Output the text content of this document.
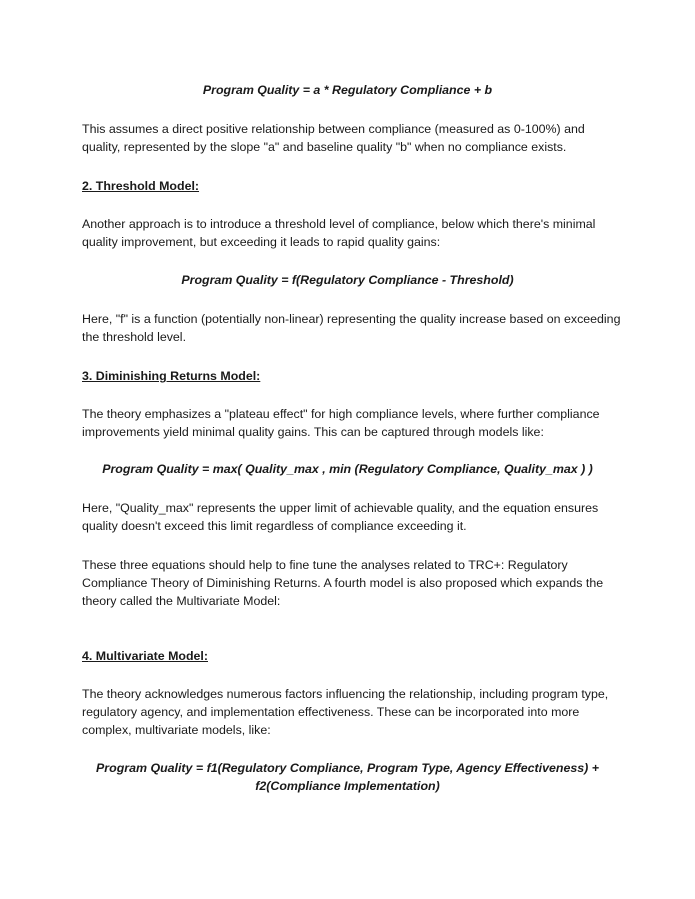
Program Quality = a * Regulatory Compliance + b
This assumes a direct positive relationship between compliance (measured as 0-100%) and quality, represented by the slope "a" and baseline quality "b" when no compliance exists.
2. Threshold Model:
Another approach is to introduce a threshold level of compliance, below which there's minimal quality improvement, but exceeding it leads to rapid quality gains:
Program Quality = f(Regulatory Compliance - Threshold)
Here, "f" is a function (potentially non-linear) representing the quality increase based on exceeding the threshold level.
3. Diminishing Returns Model:
The theory emphasizes a "plateau effect" for high compliance levels, where further compliance improvements yield minimal quality gains. This can be captured through models like:
Program Quality = max( Quality_max , min (Regulatory Compliance, Quality_max ) )
Here, "Quality_max" represents the upper limit of achievable quality, and the equation ensures quality doesn't exceed this limit regardless of compliance exceeding it.
These three equations should help to fine tune the analyses related to TRC+: Regulatory Compliance Theory of Diminishing Returns. A fourth model is also proposed which expands the theory called the Multivariate Model:
4. Multivariate Model:
The theory acknowledges numerous factors influencing the relationship, including program type, regulatory agency, and implementation effectiveness. These can be incorporated into more complex, multivariate models, like:
Program Quality = f1(Regulatory Compliance, Program Type, Agency Effectiveness) +
f2(Compliance Implementation)
